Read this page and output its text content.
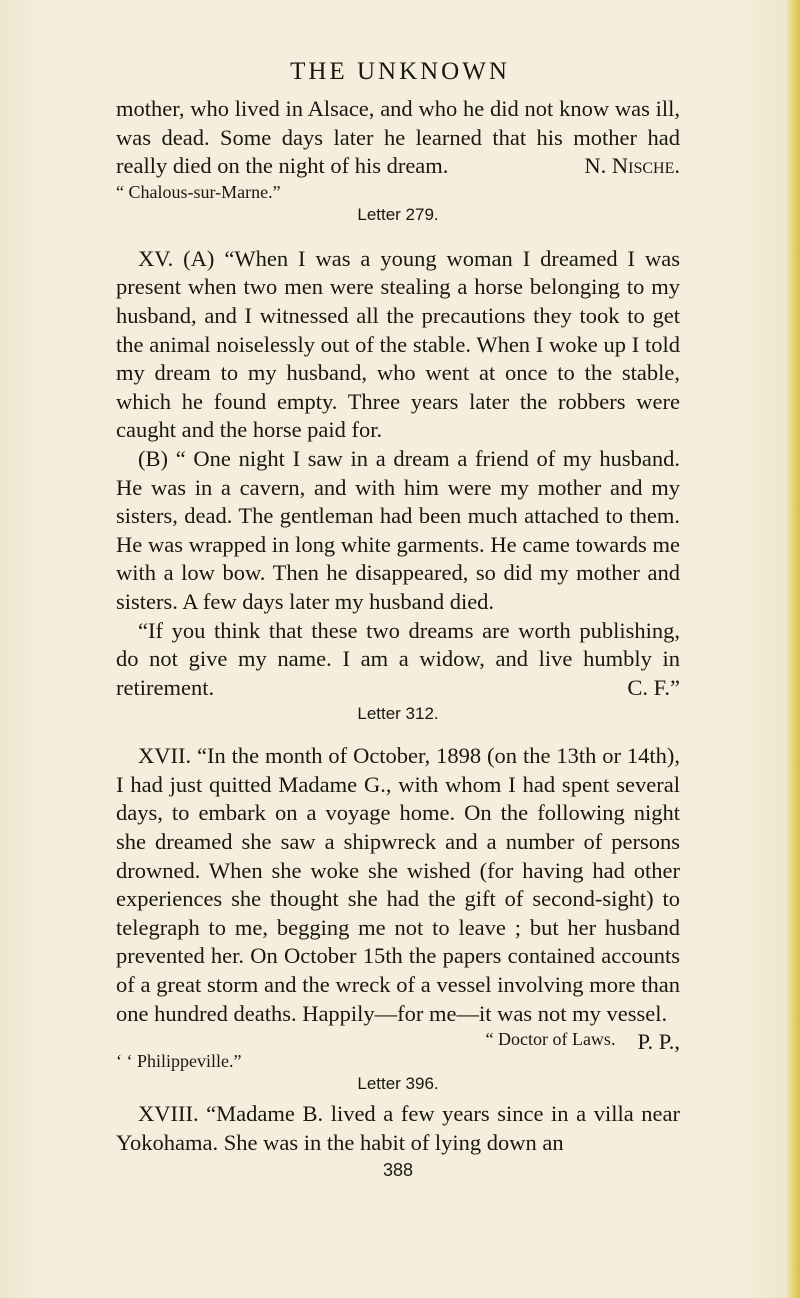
THE UNKNOWN

mother, who lived in Alsace, and who he did not know was ill, was dead. Some days later he learned that his mother had really died on the night of his dream.	N. Nische.

“ Chalous-sur-Marne.”
Letter 279.

XV. (A) “When I was a young woman I dreamed I was present when two men were stealing a horse belonging to my husband, and I witnessed all the precautions they took to get the animal noiselessly out of the stable. When I woke up I told my dream to my husband, who went at once to the stable, which he found empty. Three years later the robbers were caught and the horse paid for.

(B) “ One night I saw in a dream a friend of my husband. He was in a cavern, and with him were my mother and my sisters, dead. The gentleman had been much attached to them. He was wrapped in long white garments. He came towards me with a low bow. Then he disappeared, so did my mother and sisters. A few days later my husband died.

“If you think that these two dreams are worth publishing, do not give my name. I am a widow, and live humbly in retirement.	C. F.”

Letter 312.

XVII. “In the month of October, 1898 (on the 13th or 14th), I had just quitted Madame G., with whom I had spent several days, to embark on a voyage home. On the following night she dreamed she saw a shipwreck and a number of persons drowned. When she woke she wished (for having had other experiences she thought she had the gift of second-sight) to telegraph to me, begging me not to leave ; but her husband prevented her. On October 15th the papers contained accounts of a great storm and the wreck of a vessel involving more than one hundred deaths. Happily—for me—it was not my vessel.
P. P.,

“ Doctor of Laws.
‘ ‘ Philippeville.”
Letter 396.

XVIII. “Madame B. lived a few years since in a villa near Yokohama. She was in the habit of lying down an

388
